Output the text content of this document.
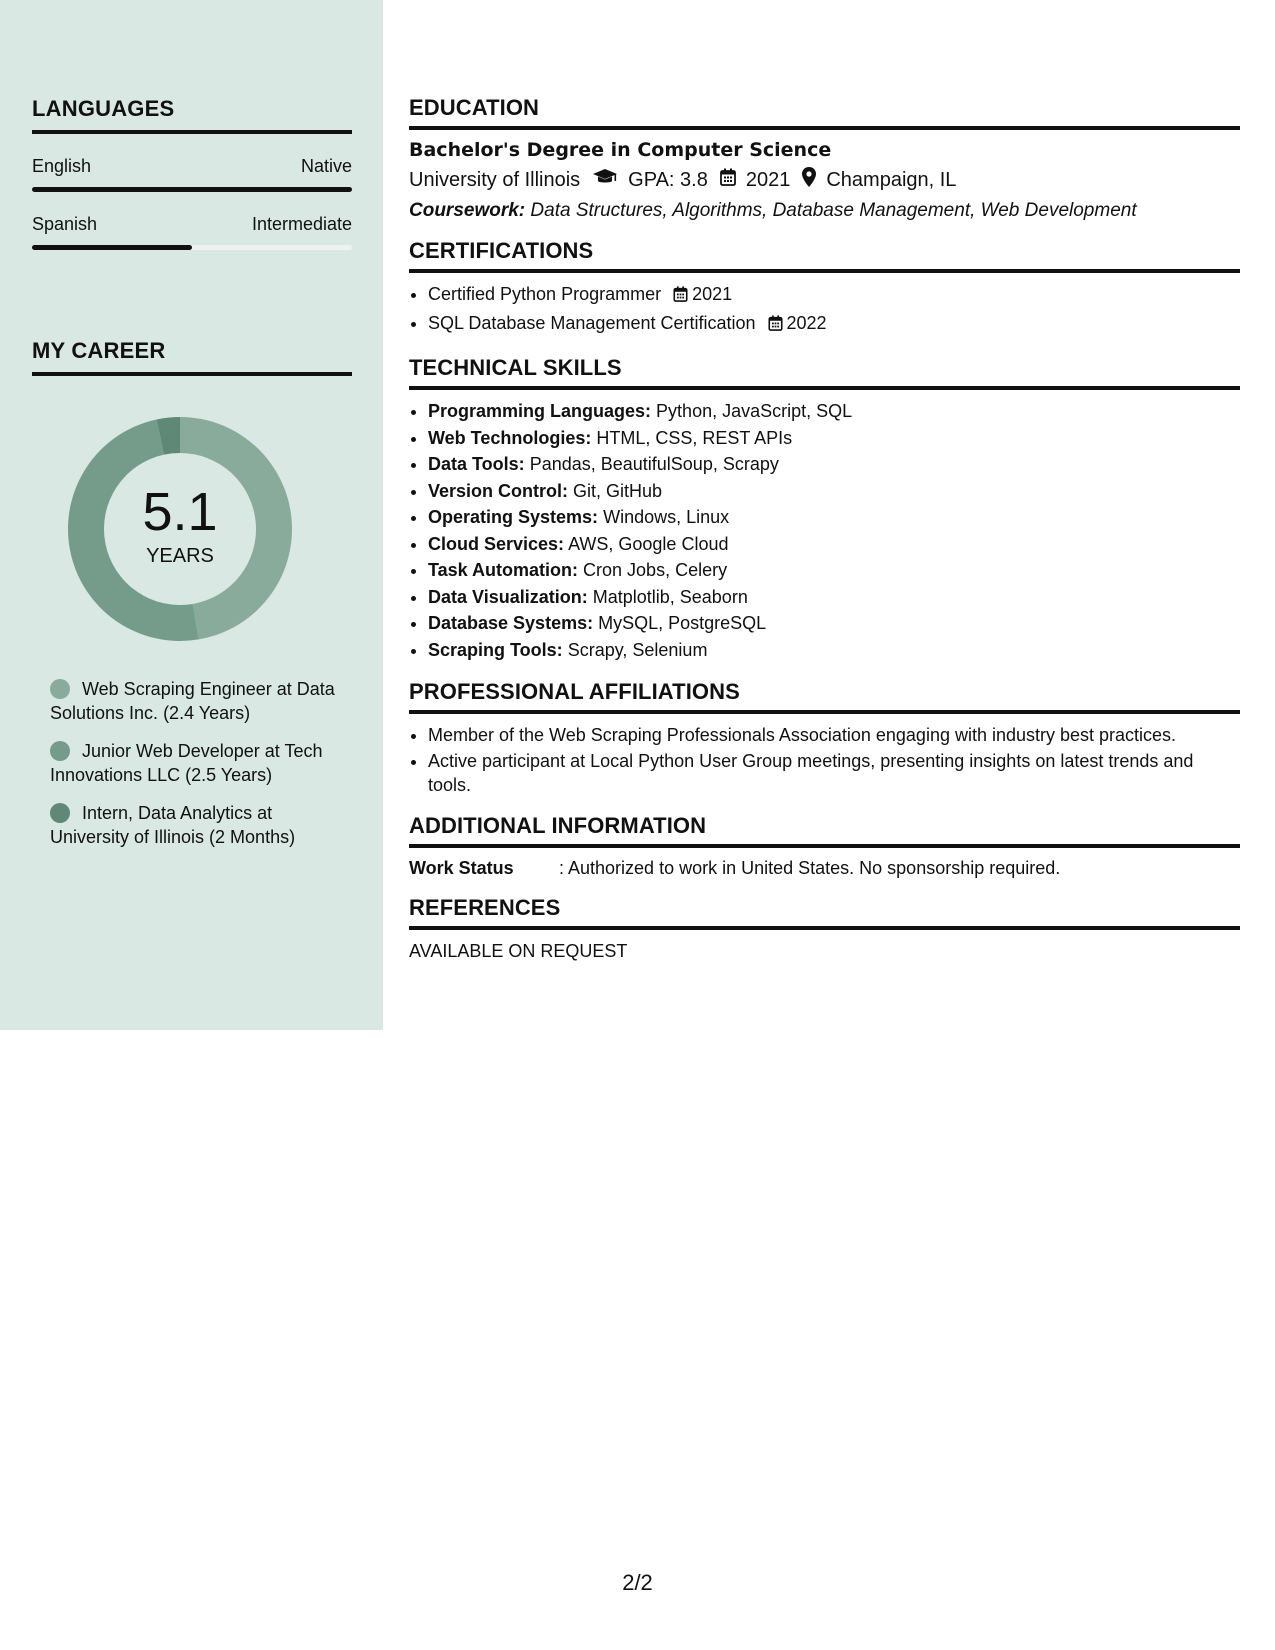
LANGUAGES
English	Native
Spanish	Intermediate
MY CAREER
5.1
YEARS
Web Scraping Engineer at Data Solutions Inc. (2.4 Years)
Junior Web Developer at Tech Innovations LLC (2.5 Years)
Intern, Data Analytics at University of Illinois (2 Months)
EDUCATION
Bachelor's Degree in Computer Science
University of Illinois GPA: 3.8 2021 Champaign, IL
Coursework: Data Structures, Algorithms, Database Management, Web Development
CERTIFICATIONS
• Certified Python Programmer 2021
• SQL Database Management Certification 2022
TECHNICAL SKILLS
• Programming Languages: Python, JavaScript, SQL
• Web Technologies: HTML, CSS, REST APIs
• Data Tools: Pandas, BeautifulSoup, Scrapy
• Version Control: Git, GitHub
• Operating Systems: Windows, Linux
• Cloud Services: AWS, Google Cloud
• Task Automation: Cron Jobs, Celery
• Data Visualization: Matplotlib, Seaborn
• Database Systems: MySQL, PostgreSQL
• Scraping Tools: Scrapy, Selenium
PROFESSIONAL AFFILIATIONS
• Member of the Web Scraping Professionals Association engaging with industry best practices.
• Active participant at Local Python User Group meetings, presenting insights on latest trends and tools.
ADDITIONAL INFORMATION
Work Status	: Authorized to work in United States. No sponsorship required.
REFERENCES
AVAILABLE ON REQUEST
2/2
